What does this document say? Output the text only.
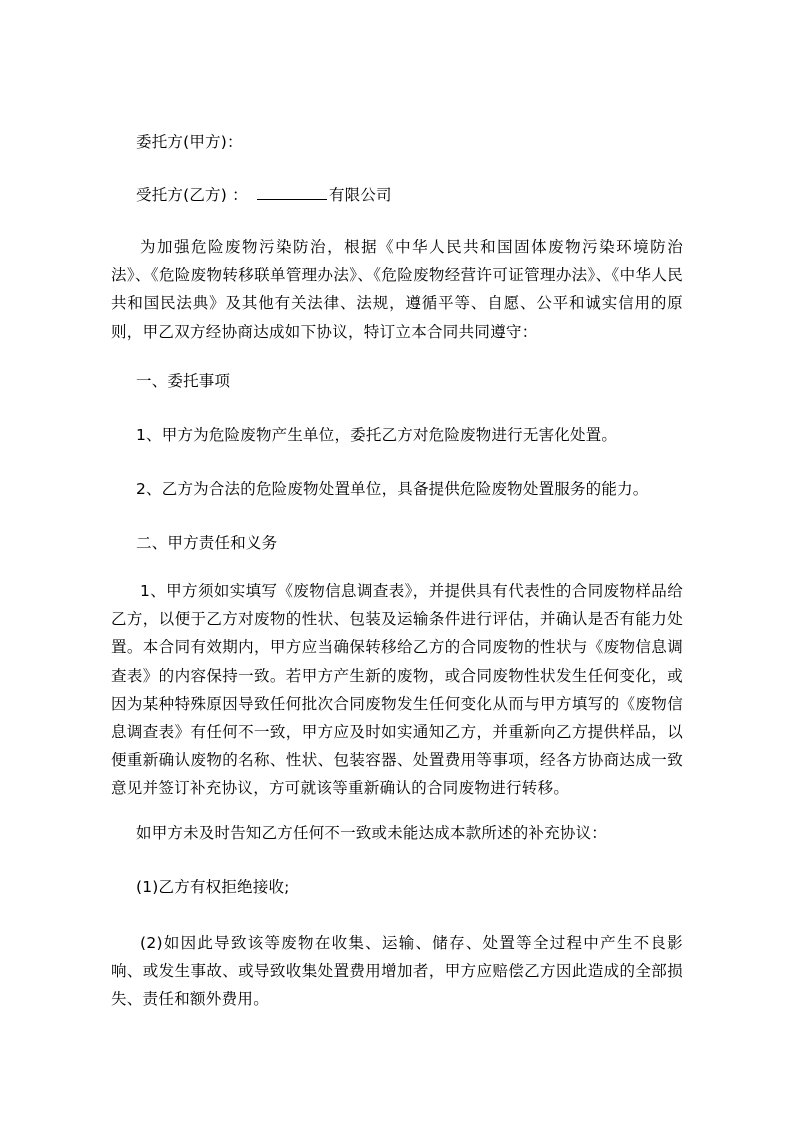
委托方(甲方)：
受托方(乙方) ：	有限公司
为加强危险废物污染防治，根据《中华人民共和国固体废物污染环境防治法》、《危险废物转移联单管理办法》、《危险废物经营许可证管理办法》、《中华人民共和国民法典》及其他有关法律、法规，遵循平等、自愿、公平和诚实信用的原则，甲乙双方经协商达成如下协议，特订立本合同共同遵守：
一、委托事项
1、甲方为危险废物产生单位，委托乙方对危险废物进行无害化处置。
2、乙方为合法的危险废物处置单位，具备提供危险废物处置服务的能力。
二、甲方责任和义务
1、甲方须如实填写《废物信息调查表》，并提供具有代表性的合同废物样品给乙方，以便于乙方对废物的性状、包装及运输条件进行评估，并确认是否有能力处置。本合同有效期内，甲方应当确保转移给乙方的合同废物的性状与《废物信息调查表》的内容保持一致。若甲方产生新的废物，或合同废物性状发生任何变化，或因为某种特殊原因导致任何批次合同废物发生任何变化从而与甲方填写的《废物信息调查表》有任何不一致，甲方应及时如实通知乙方，并重新向乙方提供样品，以便重新确认废物的名称、性状、包装容器、处置费用等事项，经各方协商达成一致意见并签订补充协议，方可就该等重新确认的合同废物进行转移。
如甲方未及时告知乙方任何不一致或未能达成本款所述的补充协议：
(1)乙方有权拒绝接收;
(2)如因此导致该等废物在收集、运输、储存、处置等全过程中产生不良影响、或发生事故、或导致收集处置费用增加者，甲方应赔偿乙方因此造成的全部损失、责任和额外费用。
